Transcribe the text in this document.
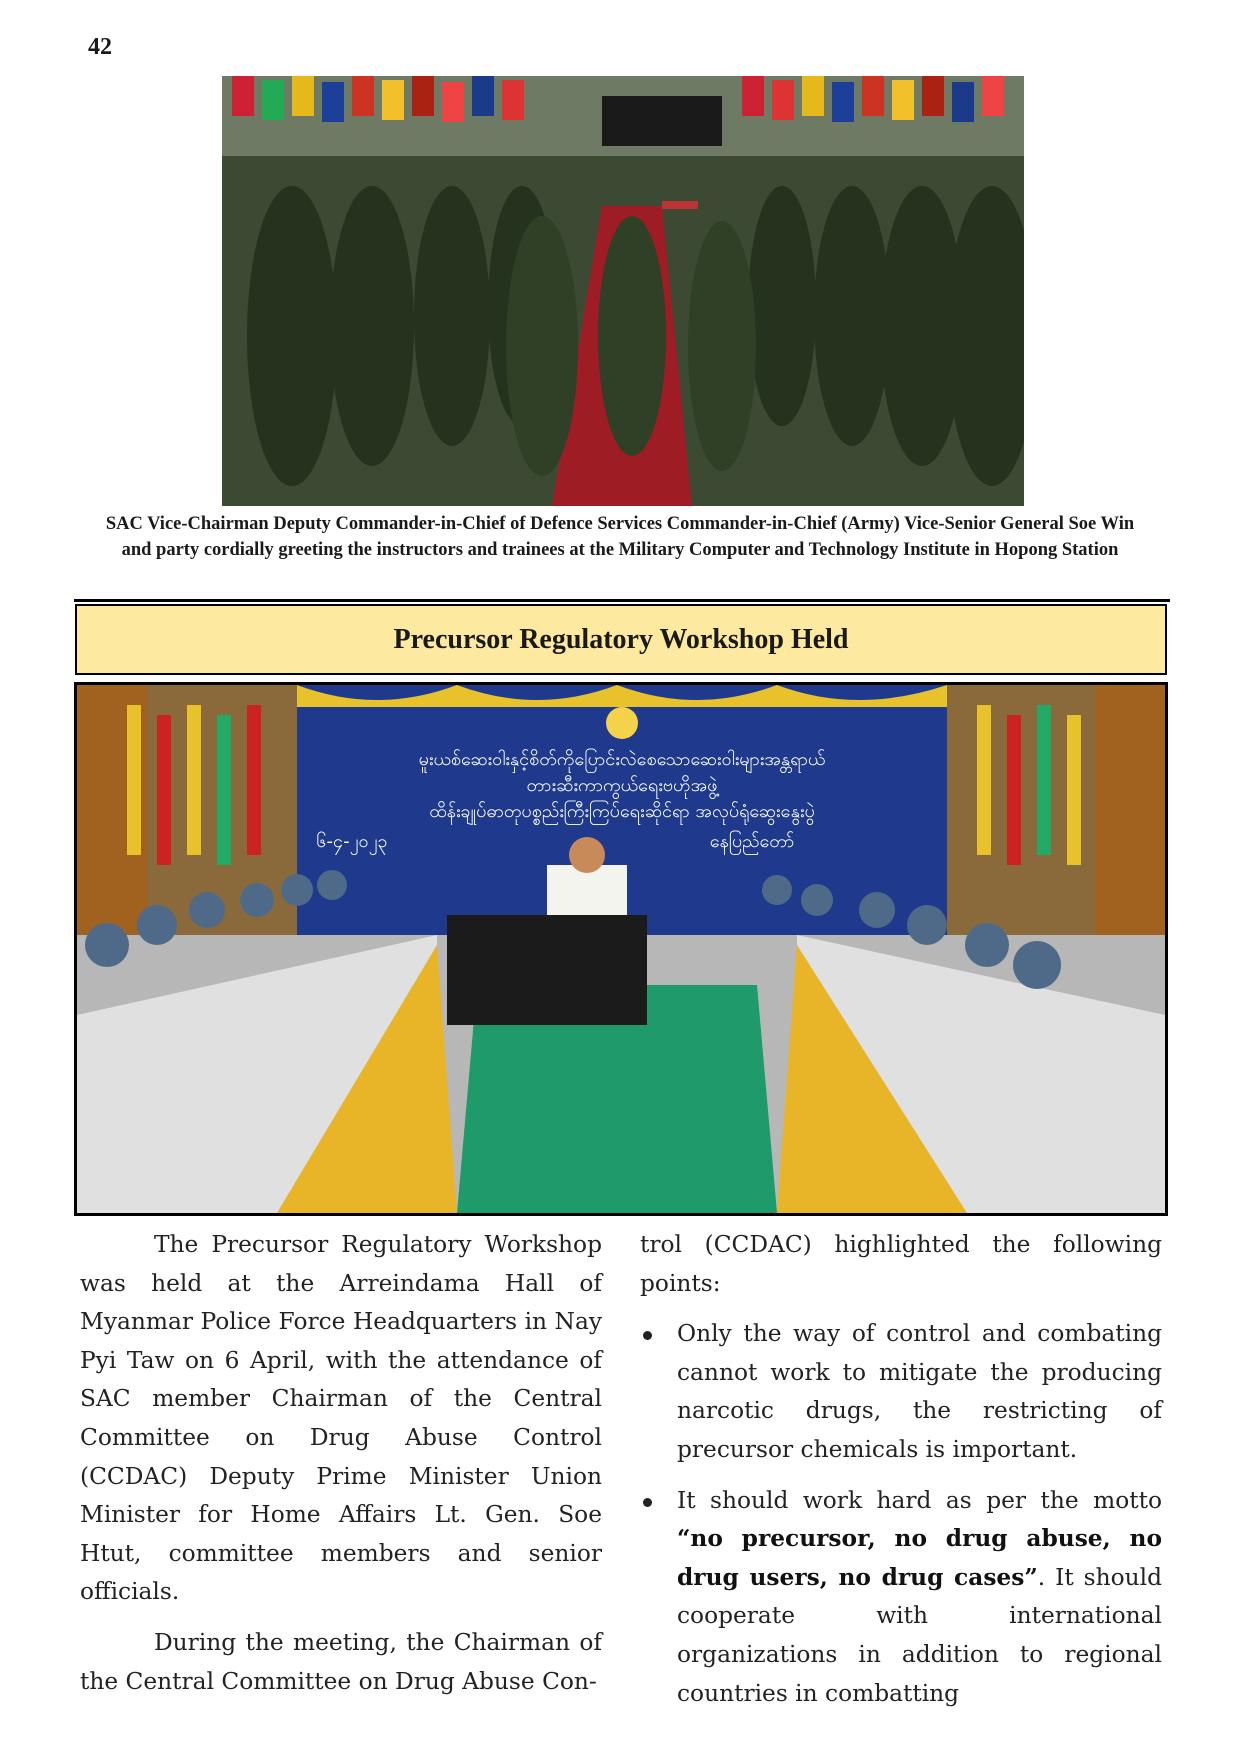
42
SAC Vice-Chairman Deputy Commander-in-Chief of Defence Services Commander-in-Chief (Army) Vice-Senior General Soe Win and party cordially greeting the instructors and trainees at the Military Computer and Technology Institute in Hopong Station
Precursor Regulatory Workshop Held
မူးယစ်ဆေးဝါးနှင့်စိတ်ကိုပြောင်းလဲစေသောဆေးဝါးများအန္တရာယ်
တားဆီးကာကွယ်ရေးဗဟိုအဖွဲ့
ထိန်းချုပ်ဓာတုပစ္စည်းကြီးကြပ်ရေးဆိုင်ရာ အလုပ်ရုံဆွေးနွေးပွဲ
၆-၄-၂၀၂၃	နေပြည်တော်

The Precursor Regulatory Workshop was held at the Arreindama Hall of Myanmar Police Force Headquarters in Nay Pyi Taw on 6 April, with the attendance of SAC member Chairman of the Central Committee on Drug Abuse Control (CCDAC) Deputy Prime Minister Union Minister for Home Affairs Lt. Gen. Soe Htut, committee members and senior officials.

During the meeting, the Chairman of the Central Committee on Drug Abuse Con-

trol (CCDAC) highlighted the following points:

Only the way of control and combating cannot work to mitigate the producing narcotic drugs, the restricting of precursor chemicals is important.
It should work hard as per the motto “no precursor, no drug abuse, no drug users, no drug cases”. It should cooperate with international organizations in addition to regional countries in combatting
